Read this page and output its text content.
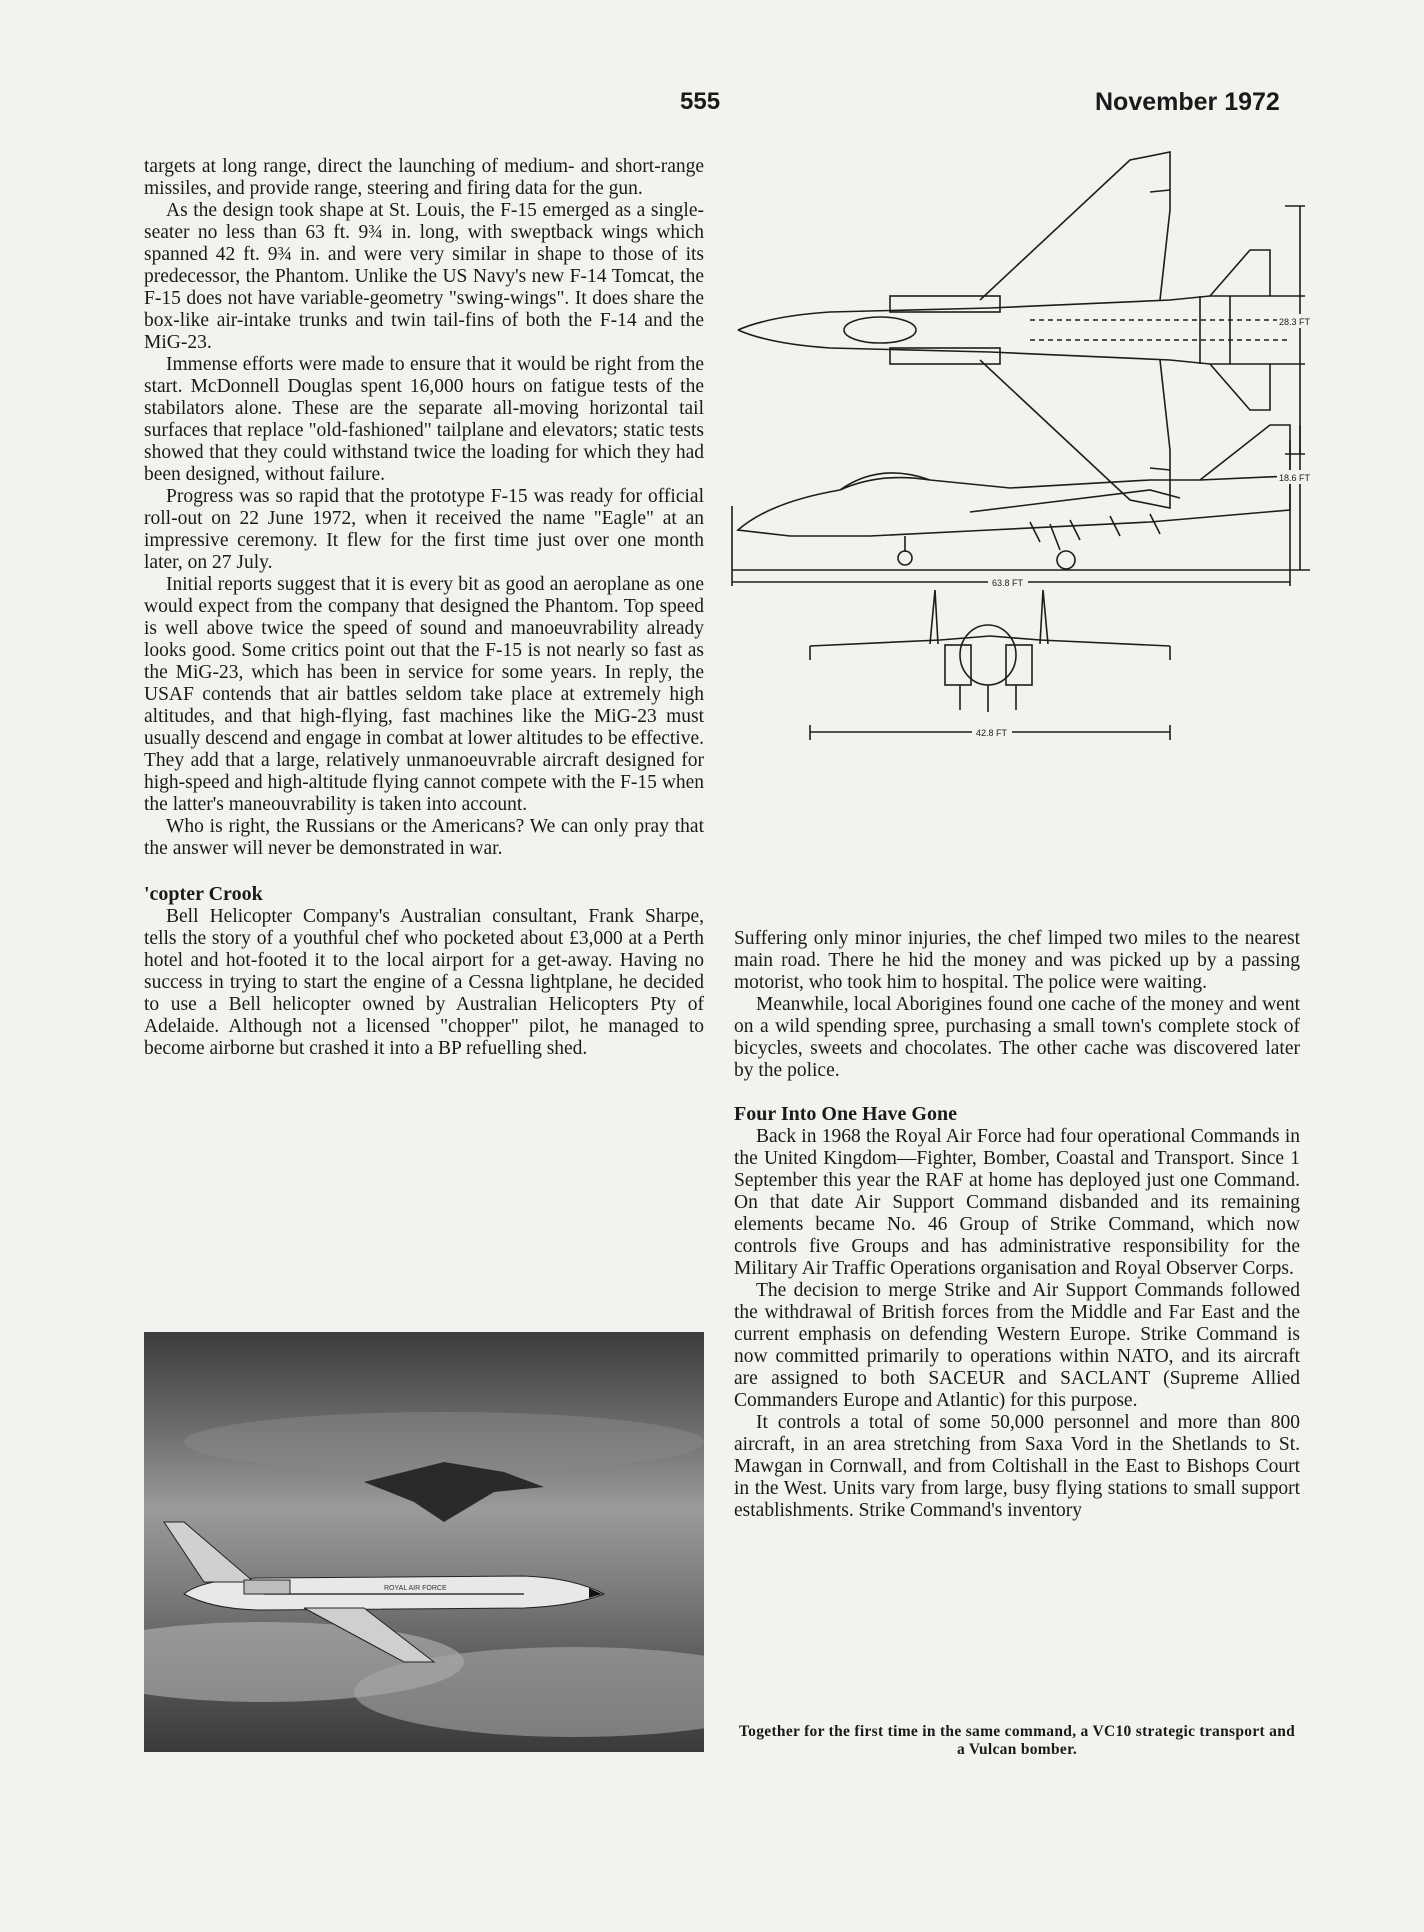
555	November 1972

targets at long range, direct the launching of medium- and short-range missiles, and provide range, steering and firing data for the gun.

As the design took shape at St. Louis, the F-15 emerged as a single-seater no less than 63 ft. 9¾ in. long, with sweptback wings which spanned 42 ft. 9¾ in. and were very similar in shape to those of its predecessor, the Phantom. Unlike the US Navy's new F-14 Tomcat, the F-15 does not have variable-geometry "swing-wings". It does share the box-like air-intake trunks and twin tail-fins of both the F-14 and the MiG-23.

Immense efforts were made to ensure that it would be right from the start. McDonnell Douglas spent 16,000 hours on fatigue tests of the stabilators alone. These are the separate all-moving horizontal tail surfaces that replace "old-fashioned" tailplane and elevators; static tests showed that they could withstand twice the loading for which they had been designed, without failure.

Progress was so rapid that the prototype F-15 was ready for official roll-out on 22 June 1972, when it received the name "Eagle" at an impressive ceremony. It flew for the first time just over one month later, on 27 July.

Initial reports suggest that it is every bit as good an aeroplane as one would expect from the company that designed the Phantom. Top speed is well above twice the speed of sound and manoeuvrability already looks good. Some critics point out that the F-15 is not nearly so fast as the MiG-23, which has been in service for some years. In reply, the USAF contends that air battles seldom take place at extremely high altitudes, and that high-flying, fast machines like the MiG-23 must usually descend and engage in combat at lower altitudes to be effective. They add that a large, relatively unmanoeuvrable aircraft designed for high-speed and high-altitude flying cannot compete with the F-15 when the latter's maneouvrability is taken into account.

Who is right, the Russians or the Americans? We can only pray that the answer will never be demonstrated in war.

'copter Crook

Bell Helicopter Company's Australian consultant, Frank Sharpe, tells the story of a youthful chef who pocketed about £3,000 at a Perth hotel and hot-footed it to the local airport for a get-away. Having no success in trying to start the engine of a Cessna lightplane, he decided to use a Bell helicopter owned by Australian Helicopters Pty of Adelaide. Although not a licensed "chopper" pilot, he managed to become airborne but crashed it into a BP refuelling shed.

28.3 FT
18.6 FT
63.8 FT
42.8 FT

Suffering only minor injuries, the chef limped two miles to the nearest main road. There he hid the money and was picked up by a passing motorist, who took him to hospital. The police were waiting.

Meanwhile, local Aborigines found one cache of the money and went on a wild spending spree, purchasing a small town's complete stock of bicycles, sweets and chocolates. The other cache was discovered later by the police.

Four Into One Have Gone

Back in 1968 the Royal Air Force had four operational Commands in the United Kingdom—Fighter, Bomber, Coastal and Transport. Since 1 September this year the RAF at home has deployed just one Command. On that date Air Support Command disbanded and its remaining elements became No. 46 Group of Strike Command, which now controls five Groups and has administrative responsibility for the Military Air Traffic Operations organisation and Royal Observer Corps.

The decision to merge Strike and Air Support Commands followed the withdrawal of British forces from the Middle and Far East and the current emphasis on defending Western Europe. Strike Command is now committed primarily to operations within NATO, and its aircraft are assigned to both SACEUR and SACLANT (Supreme Allied Commanders Europe and Atlantic) for this purpose.

It controls a total of some 50,000 personnel and more than 800 aircraft, in an area stretching from Saxa Vord in the Shetlands to St. Mawgan in Cornwall, and from Coltishall in the East to Bishops Court in the West. Units vary from large, busy flying stations to small support establishments. Strike Command's inventory

ROYAL AIR FORCE
Together for the first time in the same command, a VC10 strategic transport and a Vulcan bomber.
